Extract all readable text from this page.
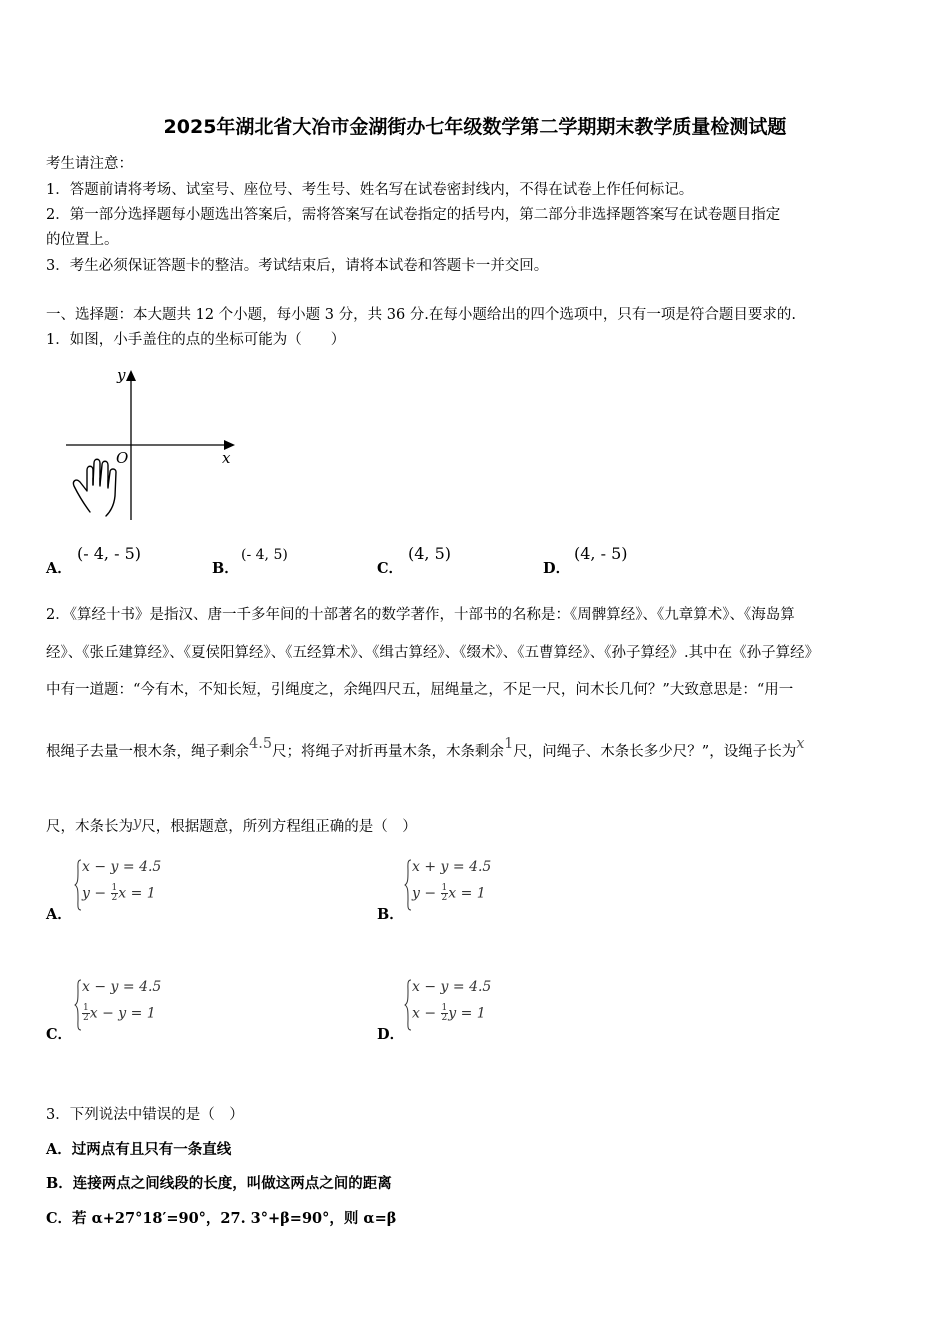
2025年湖北省大冶市金湖街办七年级数学第二学期期末教学质量检测试题
考生请注意：
1．答题前请将考场、试室号、座位号、考生号、姓名写在试卷密封线内，不得在试卷上作任何标记。
2．第一部分选择题每小题选出答案后，需将答案写在试卷指定的括号内，第二部分非选择题答案写在试卷题目指定
的位置上。
3．考生必须保证答题卡的整洁。考试结束后，请将本试卷和答题卡一并交回。
一、选择题：本大题共 12 个小题，每小题 3 分，共 36 分.在每小题给出的四个选项中，只有一项是符合题目要求的.
1．如图，小手盖住的点的坐标可能为（　　）
y
x
O
A．
(- 4, - 5)
B．
(- 4, 5)
C．
(4, 5)
D．
(4, - 5)
2．《算经十书》是指汉、唐一千多年间的十部著名的数学著作，十部书的名称是：《周髀算经》、《九章算术》、《海岛算
经》、《张丘建算经》、《夏侯阳算经》、《五经算术》、《缉古算经》、《缀术》、《五曹算经》、《孙子算经》.其中在《孙子算经》
中有一道题：“今有木，不知长短，引绳度之，余绳四尺五，屈绳量之，不足一尺，问木长几何？”大致意思是：“用一
根绳子去量一根木条，绳子剩余4.5尺；将绳子对折再量木条，木条剩余1尺，问绳子、木条长多少尺？”，设绳子长为x
尺，木条长为y尺，根据题意，所列方程组正确的是（　）
A．
x − y = 4.5
$y - \frac{1}{2}$ x = 1
B．
x + y = 4.5
$y - \frac{1}{2}$ x = 1
C．
x − y = 4.5
$\frac{1}{2}$ x − y = 1
D．
x − y = 4.5
$x - \frac{1}{2}$ y = 1
3．下列说法中错误的是（　）
A．过两点有且只有一条直线
B．连接两点之间线段的长度，叫做这两点之间的距离
C．若 α+27°18′=90°，27. 3°+β=90°，则 α=β
